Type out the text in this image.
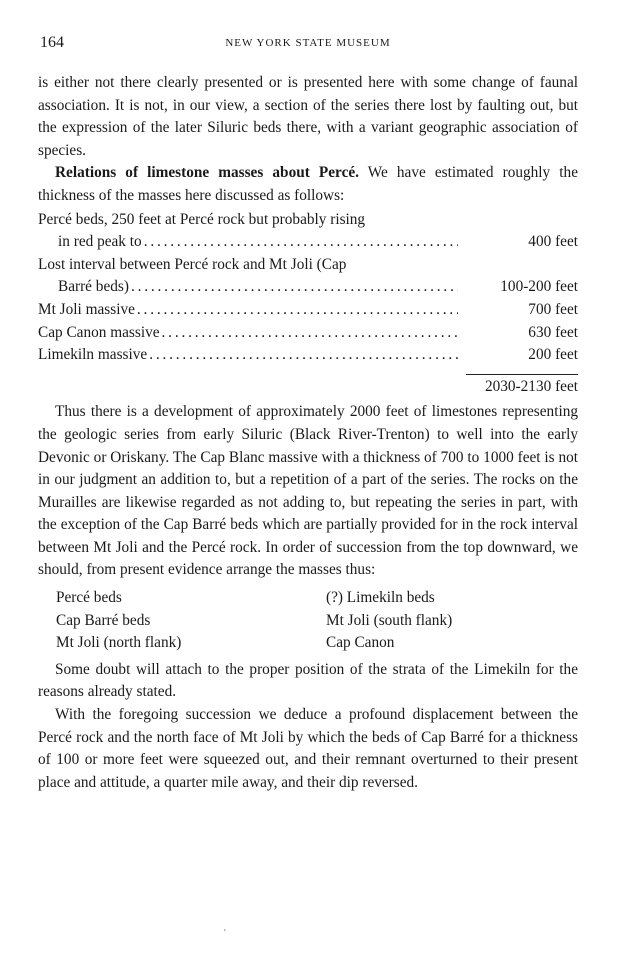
164	NEW YORK STATE MUSEUM

is either not there clearly presented or is presented here with some change of faunal association. It is not, in our view, a section of the series there lost by faulting out, but the expression of the later Siluric beds there, with a variant geographic association of species.

Relations of limestone masses about Percé. We have estimated roughly the thickness of the masses here discussed as follows:

Percé beds, 250 feet at Percé rock but probably rising
in red peak to . . .	400 feet
Lost interval between Percé rock and Mt Joli (Cap
Barré beds) . . .	100-200 feet
Mt Joli massive . . .	700 feet
Cap Canon massive . . .	630 feet
Limekiln massive . . .	200 feet
2030-2130 feet

Thus there is a development of approximately 2000 feet of limestones representing the geologic series from early Siluric (Black River-Trenton) to well into the early Devonic or Oriskany. The Cap Blanc massive with a thickness of 700 to 1000 feet is not in our judgment an addition to, but a repetition of a part of the series. The rocks on the Murailles are likewise regarded as not adding to, but repeating the series in part, with the exception of the Cap Barré beds which are partially provided for in the rock interval between Mt Joli and the Percé rock. In order of succession from the top downward, we should, from present evidence arrange the masses thus:

Percé beds	(?) Limekiln beds
Cap Barré beds	Mt Joli (south flank)
Mt Joli (north flank)	Cap Canon

Some doubt will attach to the proper position of the strata of the Limekiln for the reasons already stated.

With the foregoing succession we deduce a profound displacement between the Percé rock and the north face of Mt Joli by which the beds of Cap Barré for a thickness of 100 or more feet were squeezed out, and their remnant overturned to their present place and attitude, a quarter mile away, and their dip reversed.

'
